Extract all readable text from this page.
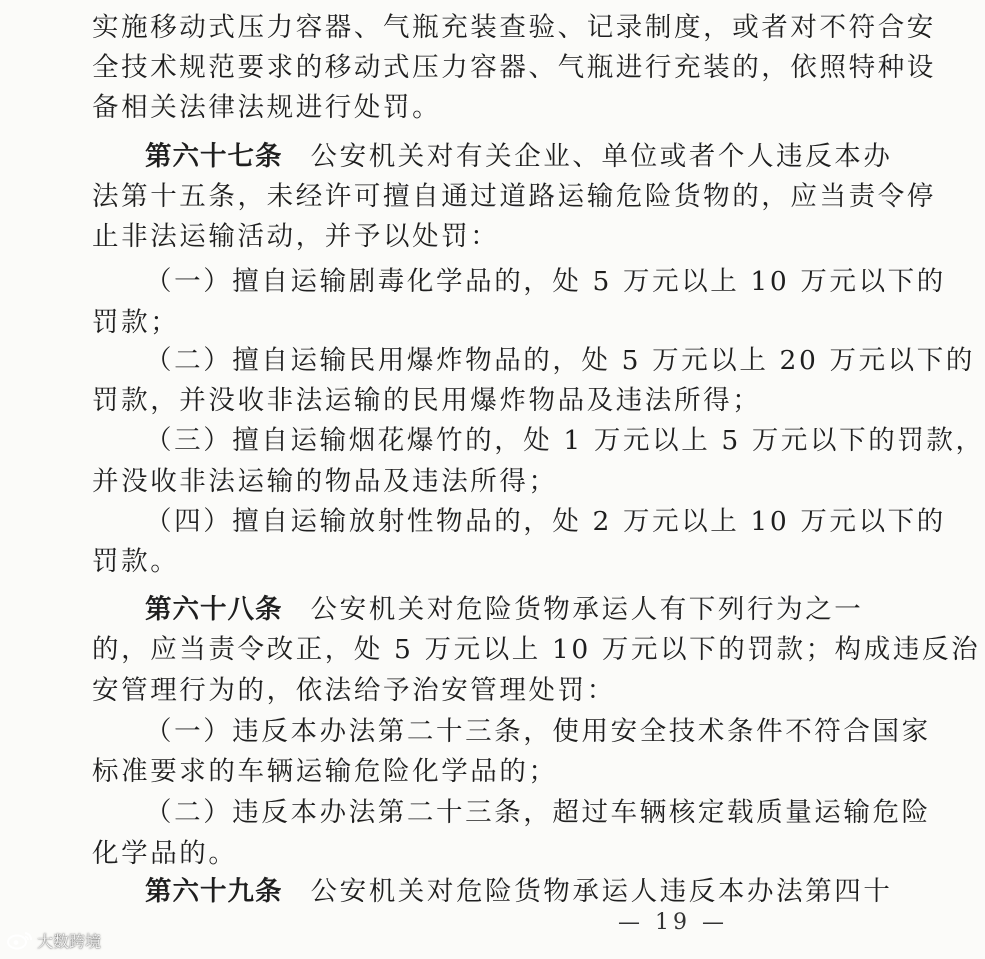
实施移动式压力容器、气瓶充装查验、记录制度，或者对不符合安
全技术规范要求的移动式压力容器、气瓶进行充装的，依照特种设
备相关法律法规进行处罚。
第六十七条 公安机关对有关企业、单位或者个人违反本办
法第十五条，未经许可擅自通过道路运输危险货物的，应当责令停
止非法运输活动，并予以处罚：
（一）擅自运输剧毒化学品的，处 5 万元以上 10 万元以下的
罚款；
（二）擅自运输民用爆炸物品的，处 5 万元以上 20 万元以下的
罚款，并没收非法运输的民用爆炸物品及违法所得；
（三）擅自运输烟花爆竹的，处 1 万元以上 5 万元以下的罚款，
并没收非法运输的物品及违法所得；
（四）擅自运输放射性物品的，处 2 万元以上 10 万元以下的
罚款。
第六十八条 公安机关对危险货物承运人有下列行为之一
的，应当责令改正，处 5 万元以上 10 万元以下的罚款；构成违反治
安管理行为的，依法给予治安管理处罚：
（一）违反本办法第二十三条，使用安全技术条件不符合国家
标准要求的车辆运输危险化学品的；
（二）违反本办法第二十三条，超过车辆核定载质量运输危险
化学品的。
第六十九条 公安机关对危险货物承运人违反本办法第四十
— 19 —
大数跨境
